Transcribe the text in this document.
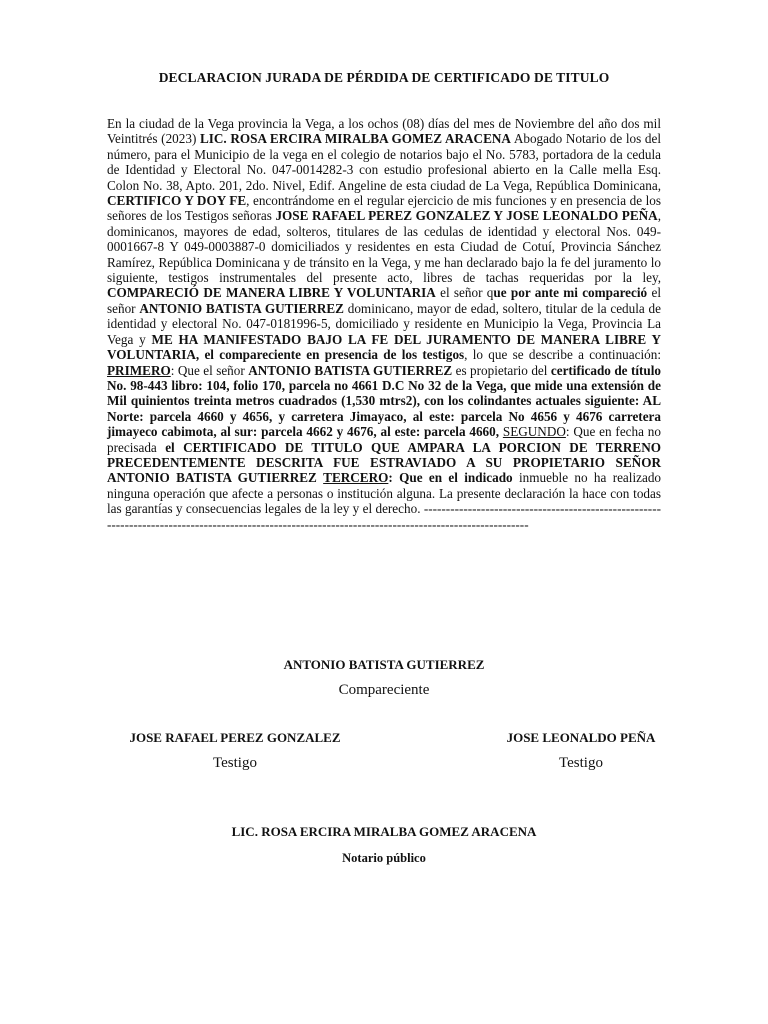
DECLARACION JURADA DE PÉRDIDA DE CERTIFICADO DE TITULO
En la ciudad de la Vega provincia la Vega, a los ochos (08) días del mes de Noviembre del año dos mil Veintitrés (2023) LIC. ROSA ERCIRA MIRALBA GOMEZ ARACENA Abogado Notario de los del número, para el Municipio de la vega en el colegio de notarios bajo el No. 5783, portadora de la cedula de Identidad y Electoral No. 047-0014282-3 con estudio profesional abierto en la Calle mella Esq. Colon No. 38, Apto. 201, 2do. Nivel, Edif. Angeline de esta ciudad de La Vega, República Dominicana, CERTIFICO Y DOY FE, encontrándome en el regular ejercicio de mis funciones y en presencia de los señores de los Testigos señoras JOSE RAFAEL PEREZ GONZALEZ Y JOSE LEONALDO PEÑA, dominicanos, mayores de edad, solteros, titulares de las cedulas de identidad y electoral Nos. 049-0001667-8 Y 049-0003887-0 domiciliados y residentes en esta Ciudad de Cotuí, Provincia Sánchez Ramírez, República Dominicana y de tránsito en la Vega, y me han declarado bajo la fe del juramento lo siguiente, testigos instrumentales del presente acto, libres de tachas requeridas por la ley, COMPARECIÓ DE MANERA LIBRE Y VOLUNTARIA el señor que por ante mi compareció el señor ANTONIO BATISTA GUTIERREZ dominicano, mayor de edad, soltero, titular de la cedula de identidad y electoral No. 047-0181996-5, domiciliado y residente en Municipio la Vega, Provincia La Vega y ME HA MANIFESTADO BAJO LA FE DEL JURAMENTO DE MANERA LIBRE Y VOLUNTARIA, el compareciente en presencia de los testigos, lo que se describe a continuación: PRIMERO: Que el señor ANTONIO BATISTA GUTIERREZ es propietario del certificado de título No. 98-443 libro: 104, folio 170, parcela no 4661 D.C No 32 de la Vega, que mide una extensión de Mil quinientos treinta metros cuadrados (1,530 mtrs2), con los colindantes actuales siguiente: AL Norte: parcela 4660 y 4656, y carretera Jimayaco, al este: parcela No 4656 y 4676 carretera jimayeco cabimota, al sur: parcela 4662 y 4676, al este: parcela 4660, SEGUNDO: Que en fecha no precisada el CERTIFICADO DE TITULO QUE AMPARA LA PORCION DE TERRENO PRECEDENTEMENTE DESCRITA FUE ESTRAVIADO A SU PROPIETARIO SEÑOR ANTONIO BATISTA GUTIERREZ TERCERO: Que en el indicado inmueble no ha realizado ninguna operación que afecte a personas o institución alguna. La presente declaración la hace con todas las garantías y consecuencias legales de la ley y el derecho. ------------------------------------------------------------------------------------------------------------------------------------------------------
ANTONIO BATISTA GUTIERREZ
Compareciente
JOSE RAFAEL PEREZ GONZALEZ
Testigo
JOSE LEONALDO PEÑA
Testigo
LIC. ROSA ERCIRA MIRALBA GOMEZ ARACENA
Notario público
